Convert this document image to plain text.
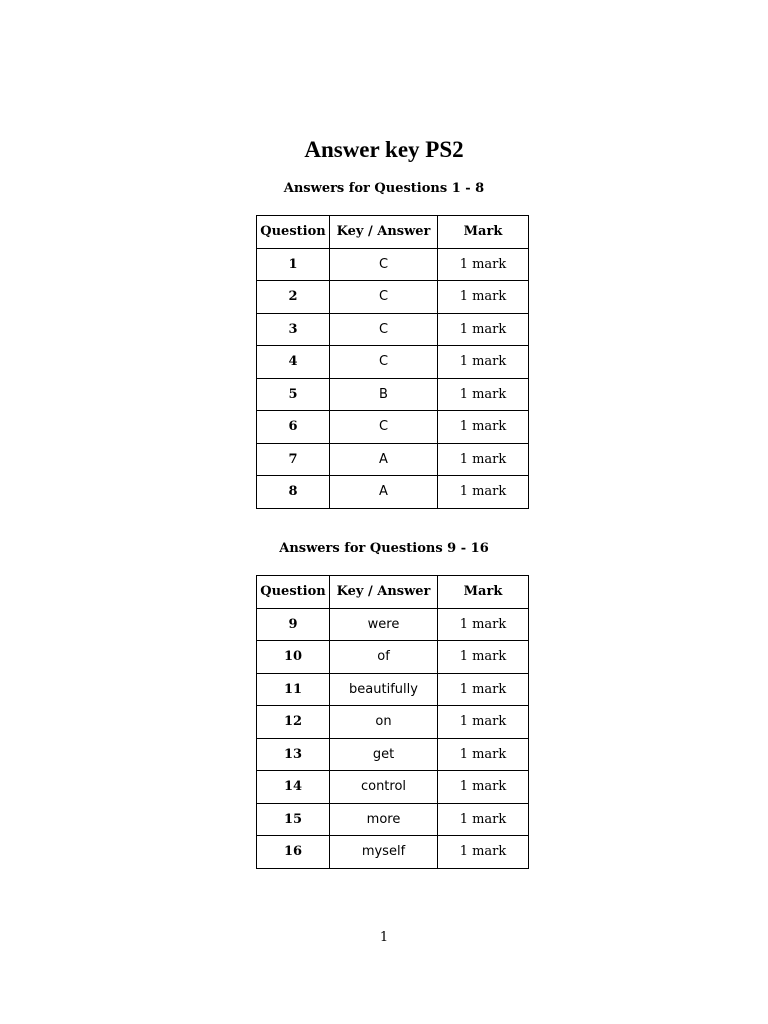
Answer key PS2
Answers for Questions 1 - 8
Question	Key / Answer	Mark
1	C	1 mark
2	C	1 mark
3	C	1 mark
4	C	1 mark
5	B	1 mark
6	C	1 mark
7	A	1 mark
8	A	1 mark
Answers for Questions 9 - 16
Question	Key / Answer	Mark
9	were	1 mark
10	of	1 mark
11	beautifully	1 mark
12	on	1 mark
13	get	1 mark
14	control	1 mark
15	more	1 mark
16	myself	1 mark
1
